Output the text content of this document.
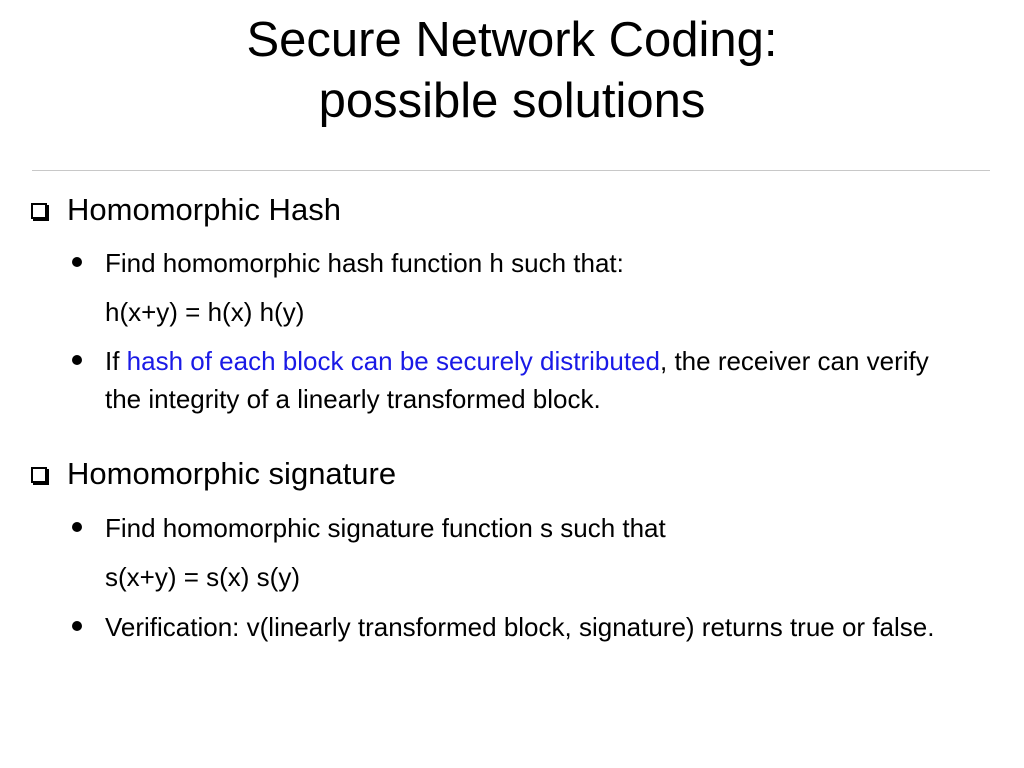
Secure Network Coding:
possible solutions
Homomorphic Hash
Find homomorphic hash function h such that:
h(x+y) = h(x) h(y)
If hash of each block can be securely distributed, the receiver can verify the integrity of a linearly transformed block.
Homomorphic signature
Find homomorphic signature function s such that
s(x+y) = s(x) s(y)
Verification: v(linearly transformed block, signature) returns true or false.
